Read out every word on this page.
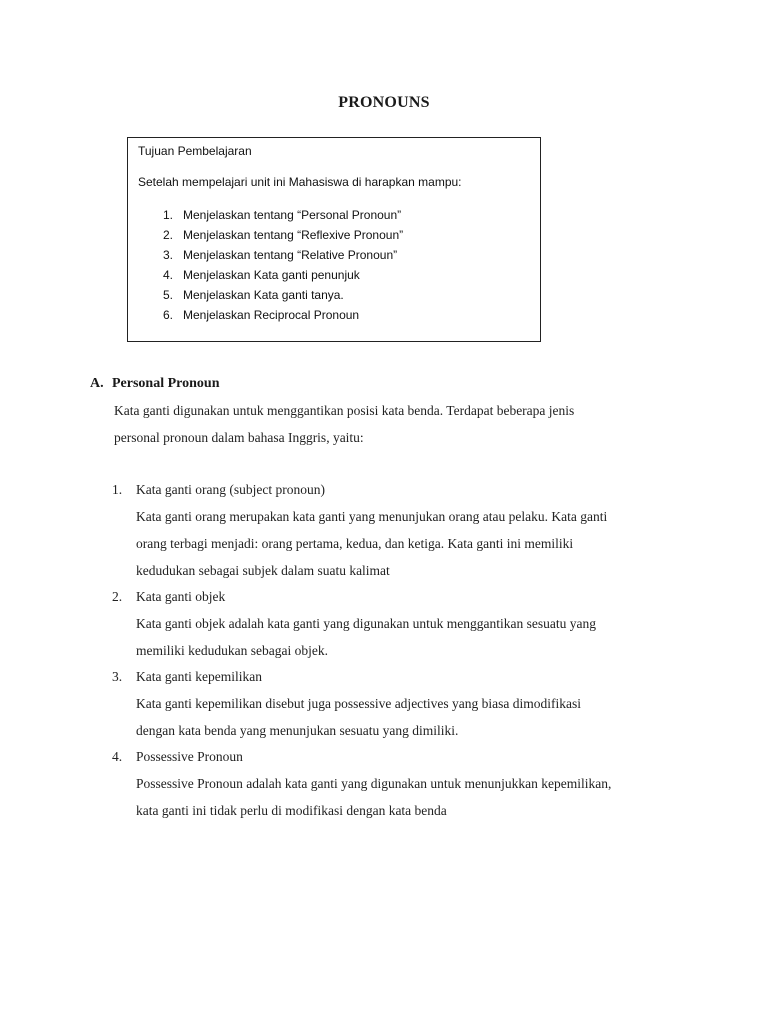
PRONOUNS
Tujuan Pembelajaran
Setelah mempelajari unit ini Mahasiswa di harapkan mampu:
1. Menjelaskan tentang “Personal Pronoun”
2. Menjelaskan tentang “Reflexive Pronoun”
3. Menjelaskan tentang “Relative Pronoun”
4. Menjelaskan Kata ganti penunjuk
5. Menjelaskan Kata ganti tanya.
6. Menjelaskan Reciprocal Pronoun
A. Personal Pronoun
Kata ganti digunakan untuk menggantikan posisi kata benda. Terdapat beberapa jenis
personal pronoun dalam bahasa Inggris, yaitu:
1. Kata ganti orang (subject pronoun)
Kata ganti orang merupakan kata ganti yang menunjukan orang atau pelaku. Kata ganti
orang terbagi menjadi: orang pertama, kedua, dan ketiga. Kata ganti ini memiliki
kedudukan sebagai subjek dalam suatu kalimat
2. Kata ganti objek
Kata ganti objek adalah kata ganti yang digunakan untuk menggantikan sesuatu yang
memiliki kedudukan sebagai objek.
3. Kata ganti kepemilikan
Kata ganti kepemilikan disebut juga possessive adjectives yang biasa dimodifikasi
dengan kata benda yang menunjukan sesuatu yang dimiliki.
4. Possessive Pronoun
Possessive Pronoun adalah kata ganti yang digunakan untuk menunjukkan kepemilikan,
kata ganti ini tidak perlu di modifikasi dengan kata benda
